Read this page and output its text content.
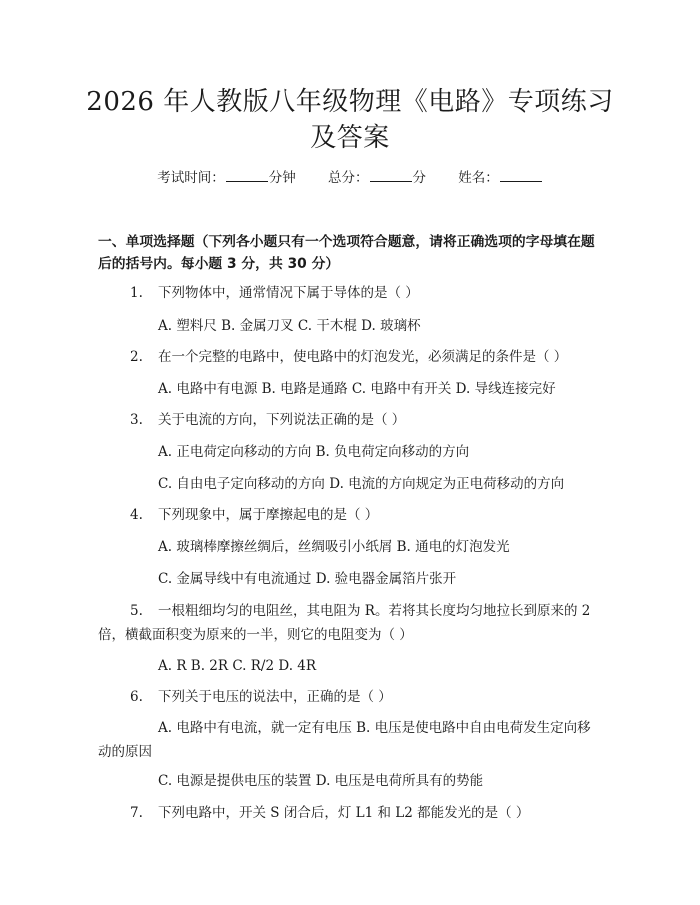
2026 年人教版八年级物理《电路》专项练习
及答案
考试时间：	分钟 总分：	分 姓名：
一、单项选择题（下列各小题只有一个选项符合题意，请将正确选项的字母填在题后的括号内。每小题 3 分，共 30 分）
1. 下列物体中，通常情况下属于导体的是（ ）
A. 塑料尺 B. 金属刀叉 C. 干木棍 D. 玻璃杯
2. 在一个完整的电路中，使电路中的灯泡发光，必须满足的条件是（ ）
A. 电路中有电源 B. 电路是通路 C. 电路中有开关 D. 导线连接完好
3. 关于电流的方向，下列说法正确的是（ ）
A. 正电荷定向移动的方向 B. 负电荷定向移动的方向
C. 自由电子定向移动的方向 D. 电流的方向规定为正电荷移动的方向
4. 下列现象中，属于摩擦起电的是（ ）
A. 玻璃棒摩擦丝绸后，丝绸吸引小纸屑 B. 通电的灯泡发光
C. 金属导线中有电流通过 D. 验电器金属箔片张开
5. 一根粗细均匀的电阻丝，其电阻为 R。若将其长度均匀地拉长到原来的 2 倍，横截面积变为原来的一半，则它的电阻变为（ ）
A. R B. 2R C. R/2 D. 4R
6. 下列关于电压的说法中，正确的是（ ）
A. 电路中有电流，就一定有电压 B. 电压是使电路中自由电荷发生定向移动的原因
C. 电源是提供电压的装置 D. 电压是电荷所具有的势能
7. 下列电路中，开关 S 闭合后，灯 L1 和 L2 都能发光的是（ ）
